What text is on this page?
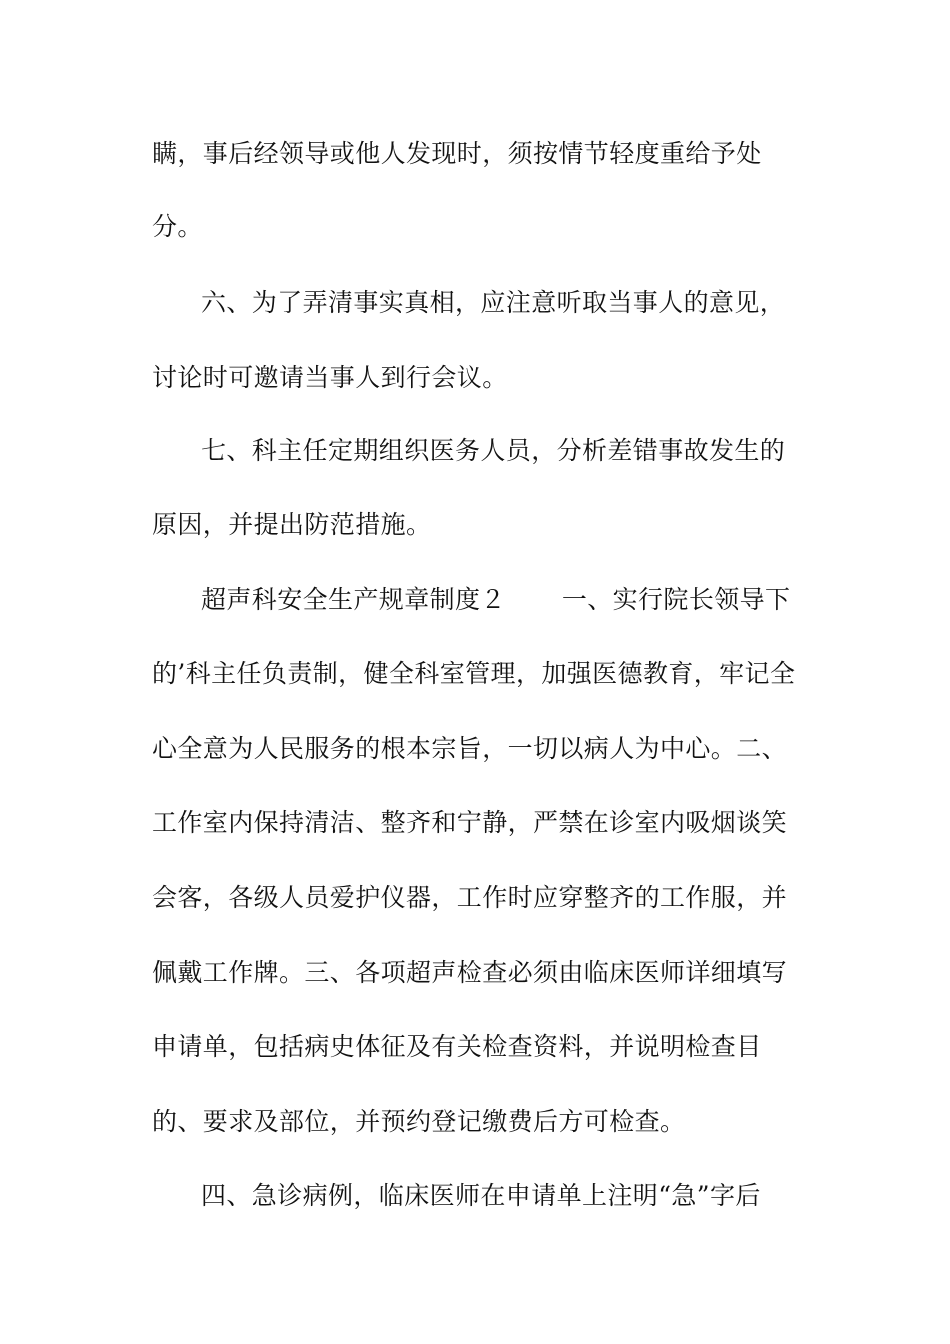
瞒，事后经领导或他人发现时，须按情节轻度重给予处
分。
六、为了弄清事实真相，应注意听取当事人的意见，
讨论时可邀请当事人到行会议。
七、科主任定期组织医务人员，分析差错事故发生的
原因，并提出防范措施。
超声科安全生产规章制度２ 一、实行院长领导下
的’科主任负责制，健全科室管理，加强医德教育，牢记全
心全意为人民服务的根本宗旨，一切以病人为中心。二、
工作室内保持清洁、整齐和宁静，严禁在诊室内吸烟谈笑
会客，各级人员爱护仪器，工作时应穿整齐的工作服，并
佩戴工作牌。三、各项超声检查必须由临床医师详细填写
申请单，包括病史体征及有关检查资料，并说明检查目
的、要求及部位，并预约登记缴费后方可检查。
四、急诊病例，临床医师在申请单上注明“急”字后
